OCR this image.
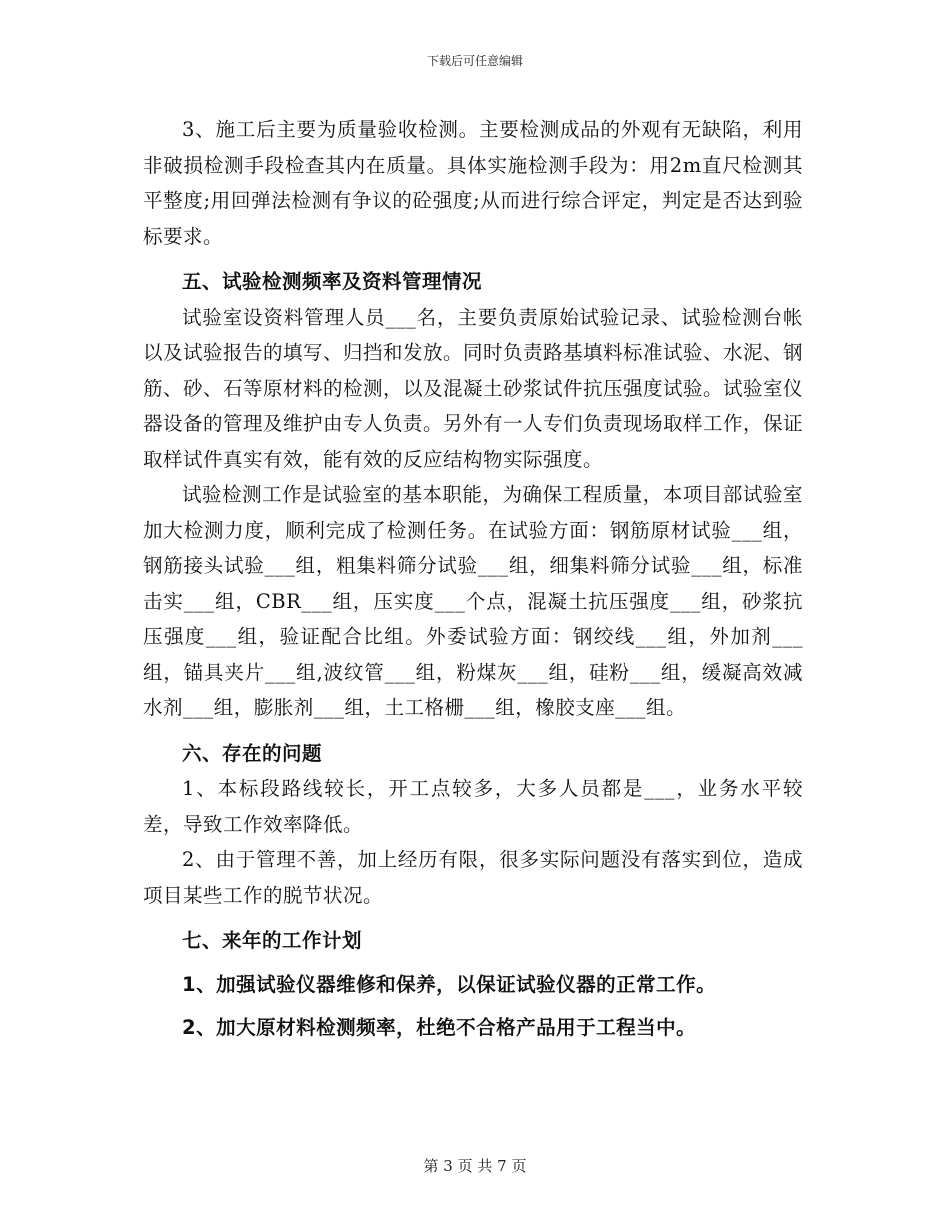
下载后可任意编辑

3、施工后主要为质量验收检测。主要检测成品的外观有无缺陷，利用非破损检测手段检查其内在质量。具体实施检测手段为：用2m直尺检测其平整度;用回弹法检测有争议的砼强度;从而进行综合评定，判定是否达到验标要求。

五、试验检测频率及资料管理情况

试验室设资料管理人员___名，主要负责原始试验记录、试验检测台帐以及试验报告的填写、归挡和发放。同时负责路基填料标准试验、水泥、钢筋、砂、石等原材料的检测，以及混凝土砂浆试件抗压强度试验。试验室仪器设备的管理及维护由专人负责。另外有一人专们负责现场取样工作，保证取样试件真实有效，能有效的反应结构物实际强度。

试验检测工作是试验室的基本职能，为确保工程质量，本项目部试验室加大检测力度，顺利完成了检测任务。在试验方面：钢筋原材试验___组，钢筋接头试验___组，粗集料筛分试验___组，细集料筛分试验___组，标准击实___组，CBR___组，压实度___个点，混凝土抗压强度___组，砂浆抗压强度___组，验证配合比组。外委试验方面：钢绞线___组，外加剂___组，锚具夹片___组,波纹管___组，粉煤灰___组，硅粉___组，缓凝高效减水剂___组，膨胀剂___组，土工格栅___组，橡胶支座___组。

六、存在的问题

1、本标段路线较长，开工点较多，大多人员都是___，业务水平较差，导致工作效率降低。

2、由于管理不善，加上经历有限，很多实际问题没有落实到位，造成项目某些工作的脱节状况。

七、来年的工作计划

1、加强试验仪器维修和保养，以保证试验仪器的正常工作。

2、加大原材料检测频率，杜绝不合格产品用于工程当中。

第 3 页 共 7 页
